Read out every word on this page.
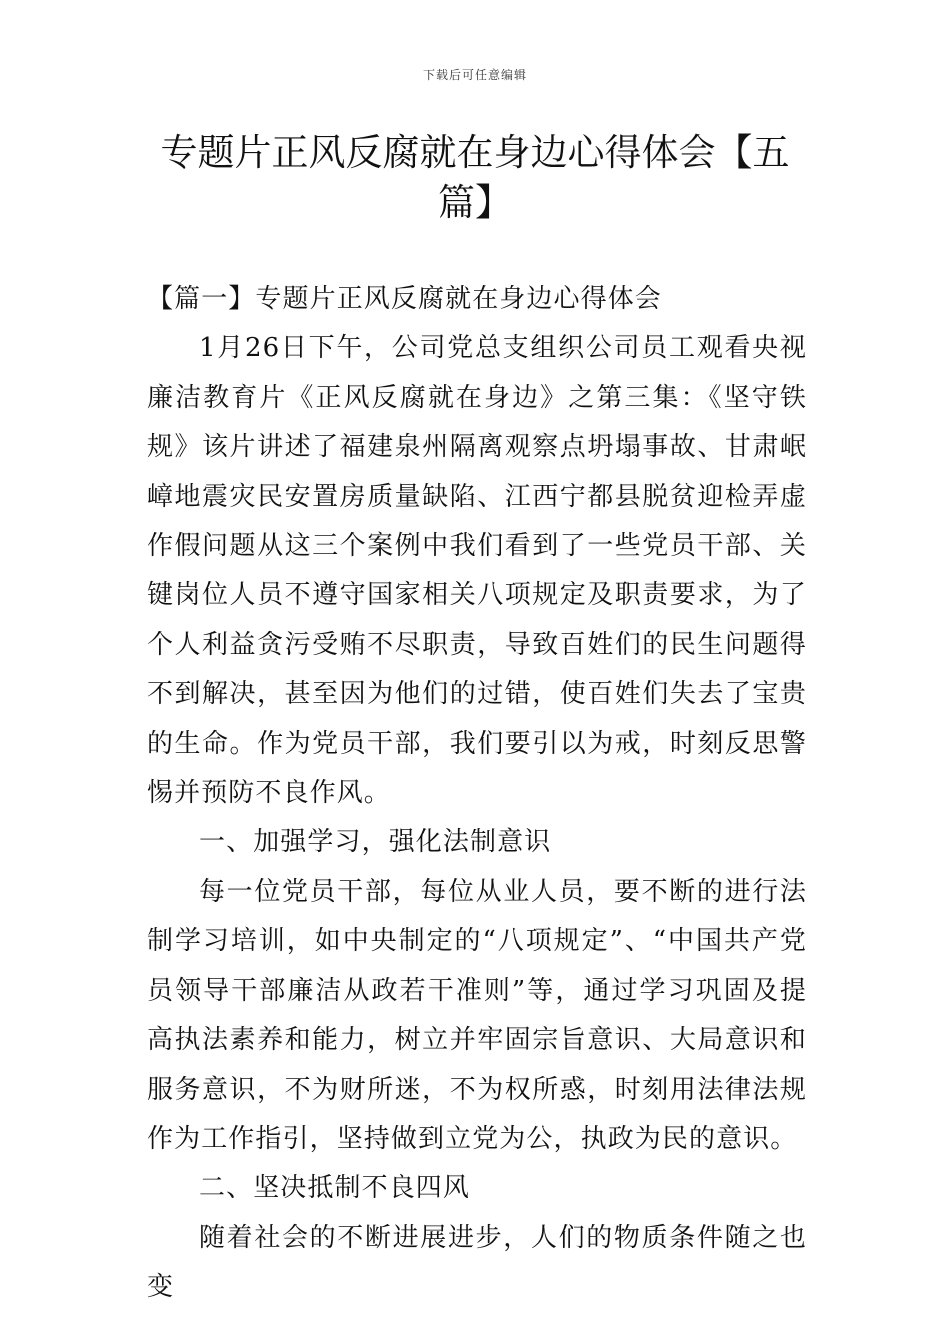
下载后可任意编辑
专题片正风反腐就在身边心得体会【五篇】

【篇一】专题片正风反腐就在身边心得体会

1月26日下午，公司党总支组织公司员工观看央视廉洁教育片《正风反腐就在身边》之第三集：《坚守铁规》该片讲述了福建泉州隔离观察点坍塌事故、甘肃岷嶂地震灾民安置房质量缺陷、江西宁都县脱贫迎检弄虚作假问题从这三个案例中我们看到了一些党员干部、关键岗位人员不遵守国家相关八项规定及职责要求，为了个人利益贪污受贿不尽职责，导致百姓们的民生问题得不到解决，甚至因为他们的过错，使百姓们失去了宝贵的生命。作为党员干部，我们要引以为戒，时刻反思警惕并预防不良作风。

一、加强学习，强化法制意识

每一位党员干部，每位从业人员，要不断的进行法制学习培训，如中央制定的“八项规定”、“中国共产党员领导干部廉洁从政若干准则”等，通过学习巩固及提高执法素养和能力，树立并牢固宗旨意识、大局意识和服务意识，不为财所迷，不为权所惑，时刻用法律法规作为工作指引，坚持做到立党为公，执政为民的意识。

二、坚决抵制不良四风

随着社会的不断进展进步，人们的物质条件随之也变
